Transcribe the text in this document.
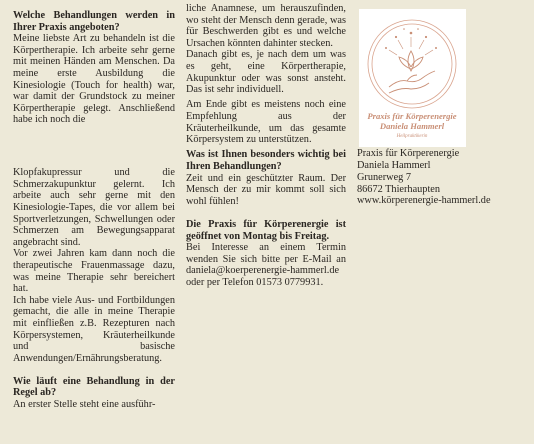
Welche Behandlungen werden in Ihrer Praxis angeboten?

Meine liebste Art zu behandeln ist die Körpertherapie. Ich arbeite sehr gerne mit meinen Händen am Menschen. Da meine erste Ausbildung die Kinesiologie (Touch for health) war, war damit der Grundstock zu meiner Körpertherapie gelegt. Anschließend habe ich noch die

Klopfakupressur und die Schmerzakupunktur gelernt. Ich arbeite auch sehr gerne mit den Kinesiologie-Tapes, die vor allem bei Sportverletzungen, Schwellungen oder Schmerzen am Bewegungsapparat angebracht sind.

Vor zwei Jahren kam dann noch die therapeutische Frauenmassage dazu, was meine Therapie sehr bereichert hat.

Ich habe viele Aus- und Fortbildungen gemacht, die alle in meine Therapie mit einfließen z.B. Rezepturen nach Körpersystemen, Kräuterheilkunde und basische Anwendungen/Ernährungsberatung.

Wie läuft eine Behandlung in der Regel ab?

An erster Stelle steht eine ausführ-

liche Anamnese, um herauszufinden, wo steht der Mensch denn gerade, was für Beschwerden gibt es und welche Ursachen könnten dahinter stecken.

Danach gibt es, je nach dem um was es geht, eine Körpertherapie, Akupunktur oder was sonst ansteht. Das ist sehr individuell.

Am Ende gibt es meistens noch eine Empfehlung aus der Kräuterheilkunde, um das gesamte Körpersystem zu unterstützen.

Was ist Ihnen besonders wichtig bei Ihren Behandlungen?

Zeit und ein geschützter Raum. Der Mensch der zu mir kommt soll sich wohl fühlen!

Die Praxis für Körperenergie ist geöffnet von Montag bis Freitag.

Bei Interesse an einem Termin wenden Sie sich bitte per E-Mail an daniela@koerperenergie-hammerl.de oder per Telefon 01573 0779931.

Praxis für Körperenergie
Daniela Hammerl
Heilpraktikerin
Praxis für Körperenergie
Daniela Hammerl
Grunerweg 7
86672 Thierhaupten
www.körperenergie-hammerl.de
